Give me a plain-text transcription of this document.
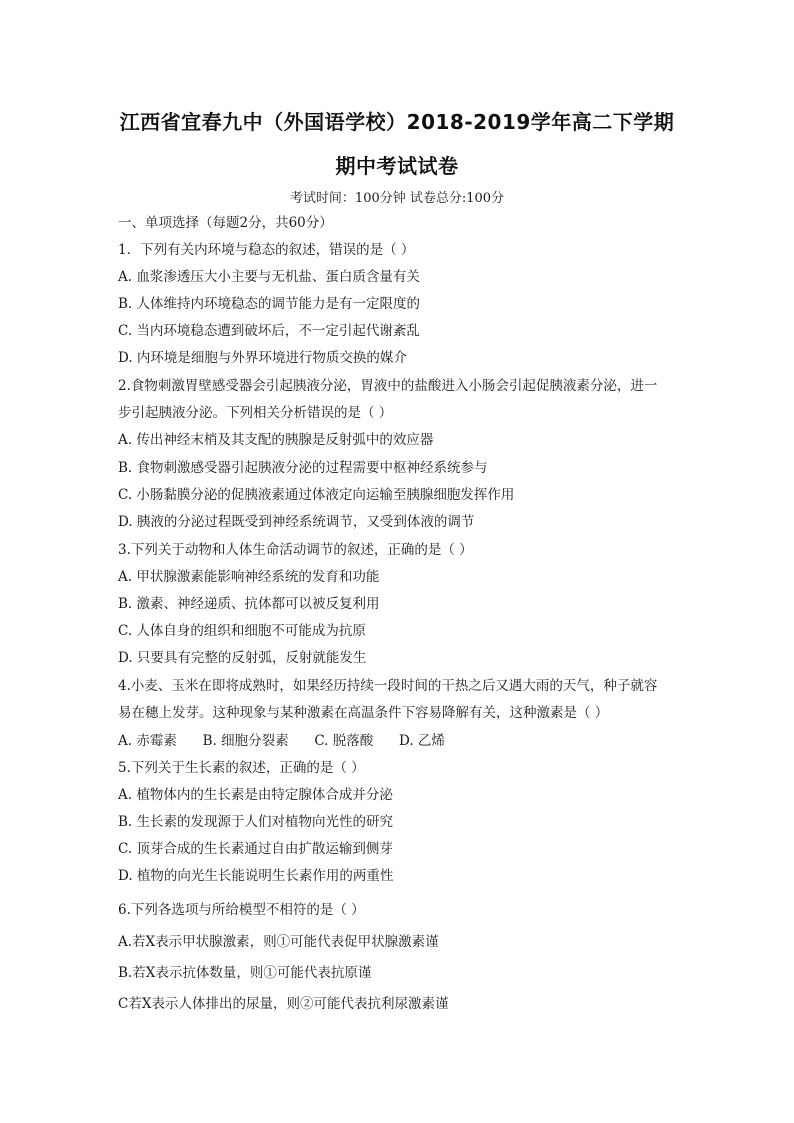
江西省宜春九中（外国语学校）2018-2019学年高二下学期
期中考试试卷
考试时间：100分钟 试卷总分:100分
一、单项选择（每题2分，共60分）
1．下列有关内环境与稳态的叙述，错误的是（ ）
A. 血浆渗透压大小主要与无机盐、蛋白质含量有关
B. 人体维持内环境稳态的调节能力是有一定限度的
C. 当内环境稳态遭到破坏后，不一定引起代谢紊乱
D. 内环境是细胞与外界环境进行物质交换的媒介
2.食物刺激胃壁感受器会引起胰液分泌，胃液中的盐酸进入小肠会引起促胰液素分泌，进一
步引起胰液分泌。下列相关分析错误的是（ ）
A. 传出神经末梢及其支配的胰腺是反射弧中的效应器
B. 食物刺激感受器引起胰液分泌的过程需要中枢神经系统参与
C. 小肠黏膜分泌的促胰液素通过体液定向运输至胰腺细胞发挥作用
D. 胰液的分泌过程既受到神经系统调节，又受到体液的调节
3.下列关于动物和人体生命活动调节的叙述，正确的是（ ）
A. 甲状腺激素能影响神经系统的发育和功能
B. 激素、神经递质、抗体都可以被反复利用
C. 人体自身的组织和细胞不可能成为抗原
D. 只要具有完整的反射弧，反射就能发生
4.小麦、玉米在即将成熟时，如果经历持续一段时间的干热之后又遇大雨的天气，种子就容
易在穗上发芽。这种现象与某种激素在高温条件下容易降解有关，这种激素是（ ）
A. 赤霉素      B. 细胞分裂素      C. 脱落酸      D. 乙烯
5.下列关于生长素的叙述，正确的是（ ）
A. 植物体内的生长素是由特定腺体合成并分泌
B. 生长素的发现源于人们对植物向光性的研究
C. 顶芽合成的生长素通过自由扩散运输到侧芽
D. 植物的向光生长能说明生长素作用的两重性
6.下列各选项与所给模型不相符的是（ ）
A.若X表示甲状腺激素，则①可能代表促甲状腺激素谨
B.若X表示抗体数量，则①可能代表抗原谨
C若X表示人体排出的尿量，则②可能代表抗利尿激素谨
